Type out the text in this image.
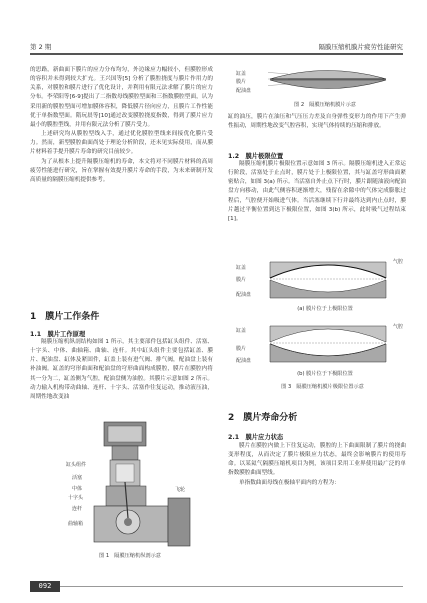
第 2 期	隔膜压缩机膜片疲劳性能研究

的思路，新曲面下膜片的应力分布均匀，外边缘应力幅较小，但膜腔形成的容积并未得到较大扩充。王兴国等[5] 分析了膜腔挠度与膜片作用力的关系，对膜腔和膜片进行了优化设计，并利用有限元法求解了膜片的应力分布。李荣阳等[6-9]提出了二指数母线膜腔型面和三指数膜腔型面，认为采用新的膜腔型面可增加膜体容积，降低膜片径向应力，且膜片工作性能优于单指数型面。隋玩晨等[10]通过改变膜腔挠度指数，得到了膜片应力最小的膜腔型线，并用有限元法分析了膜片受力。

上述研究均从膜腔型线入手，通过优化膜腔型线来间接优化膜片受力。然而，新型膜腔曲面尚处于理论分析阶段，还未见实际使用，而从膜片材料着手提升膜片寿命的研究目前较少。

为了从根本上提升隔膜压缩机的寿命，本文将对不同膜片材料的高周疲劳性能进行研究，旨在掌握有效提升膜片寿命的手段，为未来研制开发高质量的隔膜压缩机提供参考。

1　膜片工作条件
1.1　膜片工作原理

隔膜压缩机纵剖结构如图 1 所示，其主要部件包括缸头组件、活塞、十字头、中体、曲轴箱、曲轴、连杆。其中缸头组件主要包括缸盖、膜片、配油盘、缸体及紧固件，缸盖上装有进气阀、排气阀，配油盘上装有补油阀。缸盖的穹形曲面和配油盘的穹形曲面构成膜腔，膜片在膜腔内将其一分为二，缸盖侧为气腔，配油盘侧为油腔。其膜片示意如图 2 所示。动力输入机构带动曲轴、连杆、十字头、活塞作往复运动，推动液压油，周期性地改变油

缸头组件
活塞
中体
十字头
连杆
曲轴箱
飞轮
图 1　隔膜压缩机纵剖示意
缸盖
膜片
配油盘
图 2　隔膜压缩机膜片示意

缸的油压，膜片在油压和气压压力差及自身弹性变形力的作用下产生弹性振动，周期性地改变气腔容积，实现气体持续的压缩和排放。

1.2　膜片极限位置

隔膜压缩机膜片极限位置示意如图 3 所示。隔膜压缩机进入正常运行阶段，活塞处于止点时，膜片处于上极限位置，其与缸盖穹形曲面紧密贴合，如图 3(a) 所示。当活塞自外止点下行时，膜片跟随油液向配油盘方向移动，由此气侧容积逐渐增大，残留在余隙中的气体完成膨胀过程后，气腔便开始吸进气体。当活塞继续下行并最终达到内止点时，膜片越过平衡位置到达下极限位置，如图 3(b) 所示，此时吸气过程结束[1]。

气腔
缸盖
膜片
配油盘
(a) 膜片位于上极限位置
气腔
缸盖
膜片
配油盘
(b) 膜片位于下极限位置
图 3　隔膜压缩机膜片极限位置示意
2　膜片寿命分析
2.1　膜片应力状态

膜片在膜腔内做上下往复运动，膜腔的上下曲面限制了膜片的挠曲变形程度，从而决定了膜片极限应力状态，最终会影响膜片的使用寿命。以某氦气隔膜压缩机项目为例，该项目采用工业界使用最广泛的单指数膜腔曲面型线。

单指数曲面母线在极轴平面内的方程为：

092
